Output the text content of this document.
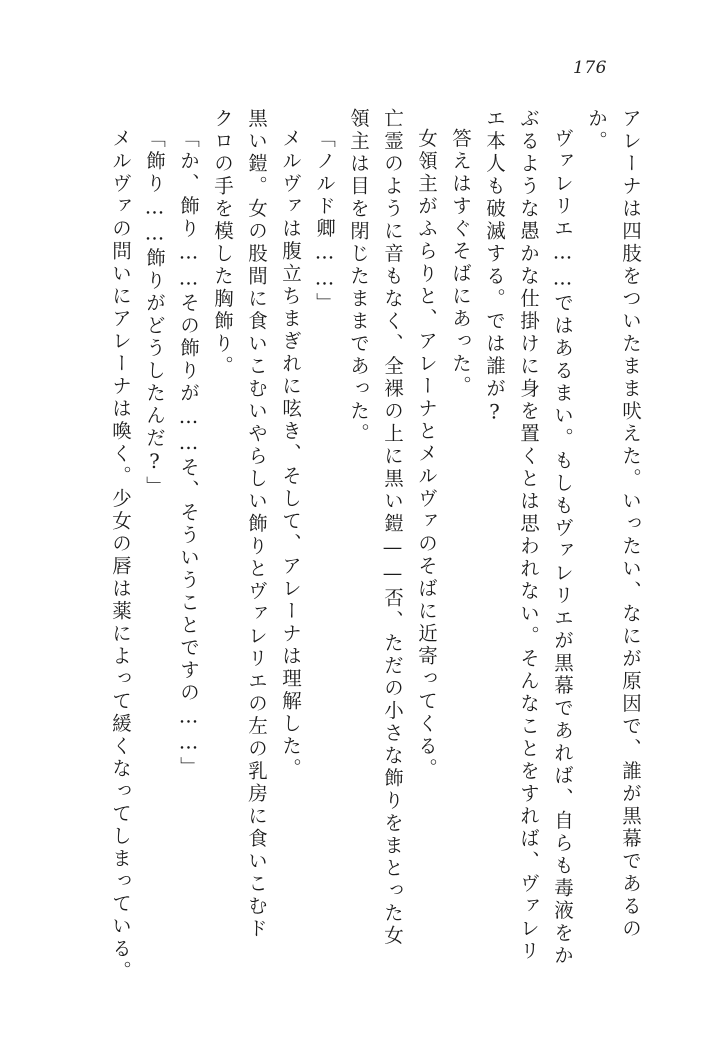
176

アレーナは四肢をついたまま吠えた。いったい、なにが原因で、誰が黒幕であるの

か。

ヴァレリエ……ではあるまい。もしもヴァレリエが黒幕であれば、自らも毒液をか

ぶるような愚かな仕掛けに身を置くとは思われない。そんなことをすれば、ヴァレリ

エ本人も破滅する。では誰が?

答えはすぐそばにあった。

女領主がふらりと、アレーナとメルヴァのそばに近寄ってくる。

亡霊のように音もなく、全裸の上に黒い鎧——否、ただの小さな飾りをまとった女

領主は目を閉じたままであった。

「ノルド卿……」

メルヴァは腹立ちまぎれに呟き、そして、アレーナは理解した。

黒い鎧。女の股間に食いこむいやらしい飾りとヴァレリエの左の乳房に食いこむド

クロの手を模した胸飾り。

「か、飾り……その飾りが……そ、そういうことですの……」

「飾り……飾りがどうしたんだ?」

メルヴァの問いにアレーナは喚く。少女の唇は薬によって緩くなってしまっている。
